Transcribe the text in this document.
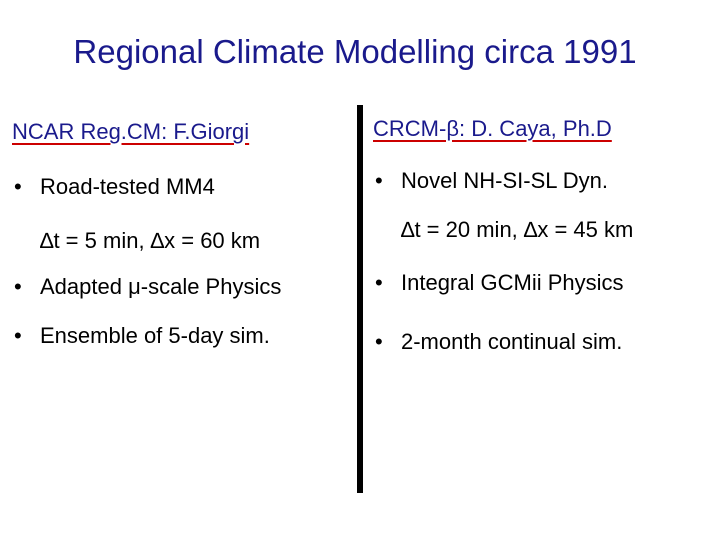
Regional Climate Modelling circa 1991
NCAR Reg.CM: F.Giorgi
• Road-tested MM4
∆t = 5 min, ∆x = 60 km
• Adapted μ-scale Physics
• Ensemble of 5-day sim.
CRCM-β: D. Caya, Ph.D
• Novel NH-SI-SL Dyn.
∆t = 20 min, ∆x = 45 km
• Integral GCMii Physics
• 2-month continual sim.
